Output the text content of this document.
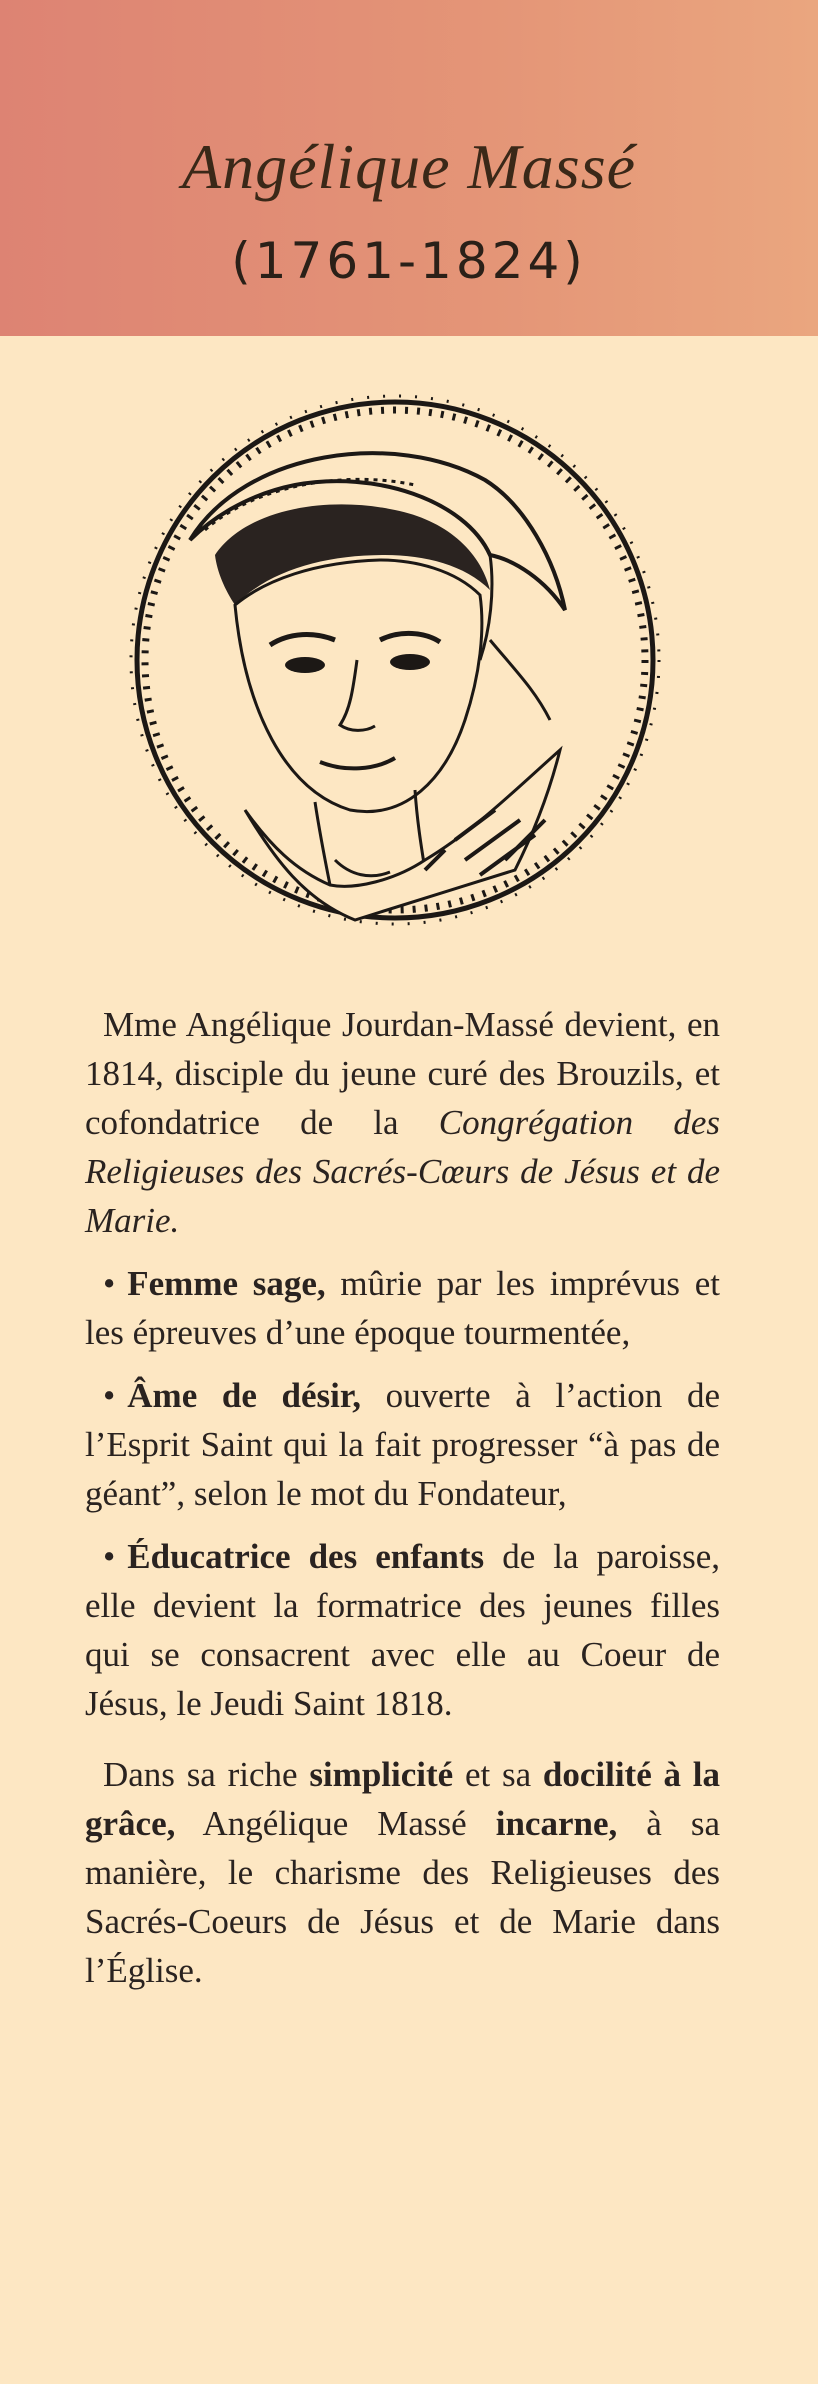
Angélique Massé
(1761-1824)

Mme Angélique Jourdan-Massé devient, en 1814, disciple du jeune curé des Brouzils, et cofondatrice de la Congrégation des Religieuses des Sacrés-Cœurs de Jésus et de Marie.

• Femme sage, mûrie par les imprévus et les épreuves d’une époque tourmentée,

• Âme de désir, ouverte à l’action de l’Esprit Saint qui la fait progresser “à pas de géant”, selon le mot du Fondateur,

• Éducatrice des enfants de la paroisse, elle devient la formatrice des jeunes filles qui se consacrent avec elle au Coeur de Jésus, le Jeudi Saint 1818.

Dans sa riche simplicité et sa docilité à la grâce, Angélique Massé incarne, à sa manière, le charisme des Religieuses des Sacrés-Coeurs de Jésus et de Marie dans l’Église.
